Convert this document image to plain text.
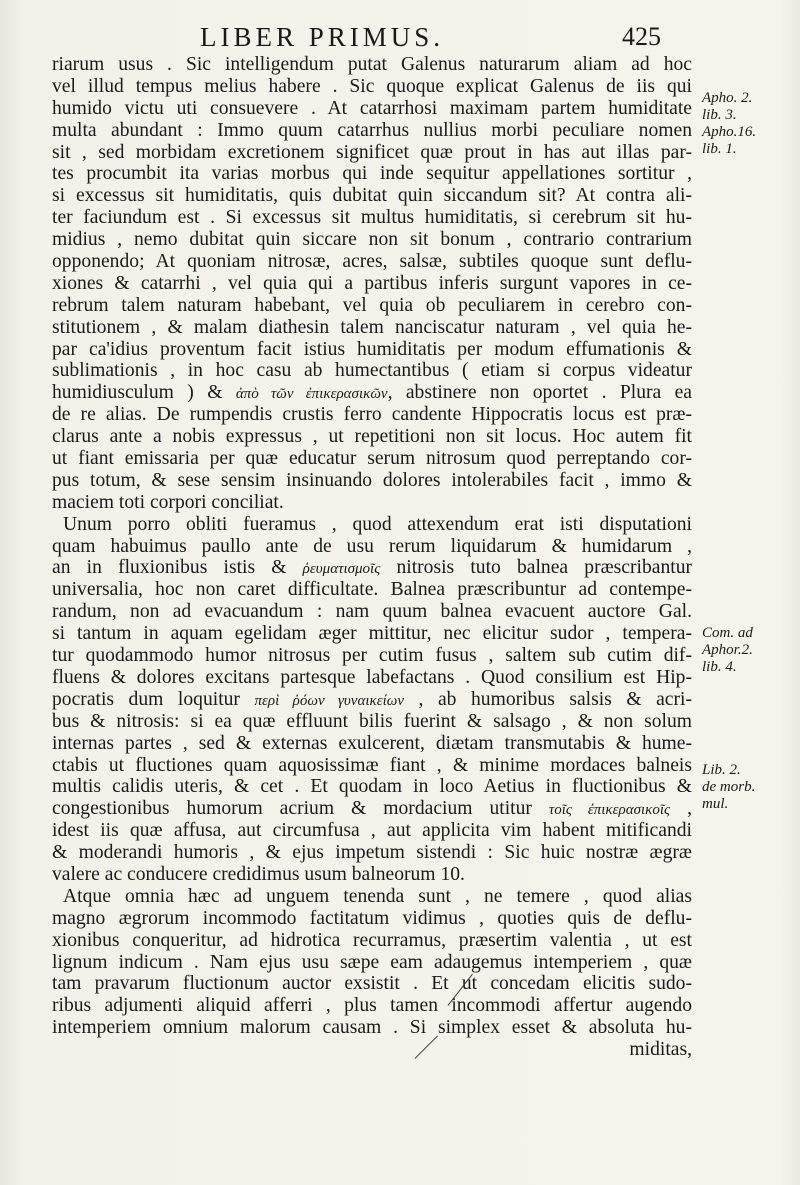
LIBER PRIMUS.	425
riarum usus . Sic intelligendum putat Galenus naturarum aliam ad hoc
vel illud tempus melius habere . Sic quoque explicat Galenus de iis qui
humido victu uti consuevere . At catarrhosi maximam partem humiditate
multa abundant : Immo quum catarrhus nullius morbi peculiare nomen
sit , sed morbidam excretionem significet quæ prout in has aut illas par-
tes procumbit ita varias morbus qui inde sequitur appellationes sortitur ,
si excessus sit humiditatis, quis dubitat quin siccandum sit? At contra ali-
ter faciundum est . Si excessus sit multus humiditatis, si cerebrum sit hu-
midius , nemo dubitat quin siccare non sit bonum , contrario contrarium
opponendo; At quoniam nitrosæ, acres, salsæ, subtiles quoque sunt deflu-
xiones & catarrhi , vel quia qui a partibus inferis surgunt vapores in ce-
rebrum talem naturam habebant, vel quia ob peculiarem in cerebro con-
stitutionem , & malam diathesin talem nanciscatur naturam , vel quia he-
par ca'idius proventum facit istius humiditatis per modum effumationis &
sublimationis , in hoc casu ab humectantibus ( etiam si corpus videatur
humidiusculum ) & ἀπὸ τῶν ἐπικερασικῶν, abstinere non oportet . Plura ea
de re alias. De rumpendis crustis ferro candente Hippocratis locus est præ-
clarus ante a nobis expressus , ut repetitioni non sit locus. Hoc autem fit
ut fiant emissaria per quæ educatur serum nitrosum quod perreptando cor-
pus totum, & sese sensim insinuando dolores intolerabiles facit , immo &
maciem toti corpori conciliat.
Unum porro obliti fueramus , quod attexendum erat isti disputationi
quam habuimus paullo ante de usu rerum liquidarum & humidarum ,
an in fluxionibus istis & ῥευματισμοῖς nitrosis tuto balnea præscribantur
universalia, hoc non caret difficultate. Balnea præscribuntur ad contempe-
randum, non ad evacuandum : nam quum balnea evacuent auctore Gal.
si tantum in aquam egelidam æger mittitur, nec elicitur sudor , tempera-
tur quodammodo humor nitrosus per cutim fusus , saltem sub cutim dif-
fluens & dolores excitans partesque labefactans . Quod consilium est Hip-
pocratis dum loquitur περὶ ῥόων γυναικείων , ab humoribus salsis & acri-
bus & nitrosis: si ea quæ effluunt bilis fuerint & salsago , & non solum
internas partes , sed & externas exulcerent, diætam transmutabis & hume-
ctabis ut fluctiones quam aquosissimæ fiant , & minime mordaces balneis
multis calidis uteris, & cet . Et quodam in loco Aetius in fluctionibus &
congestionibus humorum acrium & mordacium utitur τοῖς ἐπικερασικοῖς ,
idest iis quæ affusa, aut circumfusa , aut applicita vim habent mitificandi
& moderandi humoris , & ejus impetum sistendi : Sic huic nostræ ægræ
valere ac conducere credidimus usum balneorum 10.
Atque omnia hæc ad unguem tenenda sunt , ne temere , quod alias
magno ægrorum incommodo factitatum vidimus , quoties quis de deflu-
xionibus conqueritur, ad hidrotica recurramus, præsertim valentia , ut est
lignum indicum . Nam ejus usu sæpe eam adaugemus intemperiem , quæ
tam pravarum fluctionum auctor exsistit . Et ut concedam elicitis sudo-
ribus adjumenti aliquid afferri , plus tamen incommodi affertur augendo
intemperiem omnium malorum causam . Si simplex esset & absoluta hu-
miditas,
Apho. 2.
lib. 3.
Apho.16.
lib. 1.
Com. ad
Aphor.2.
lib. 4.
Lib. 2.
de morb.
mul.
